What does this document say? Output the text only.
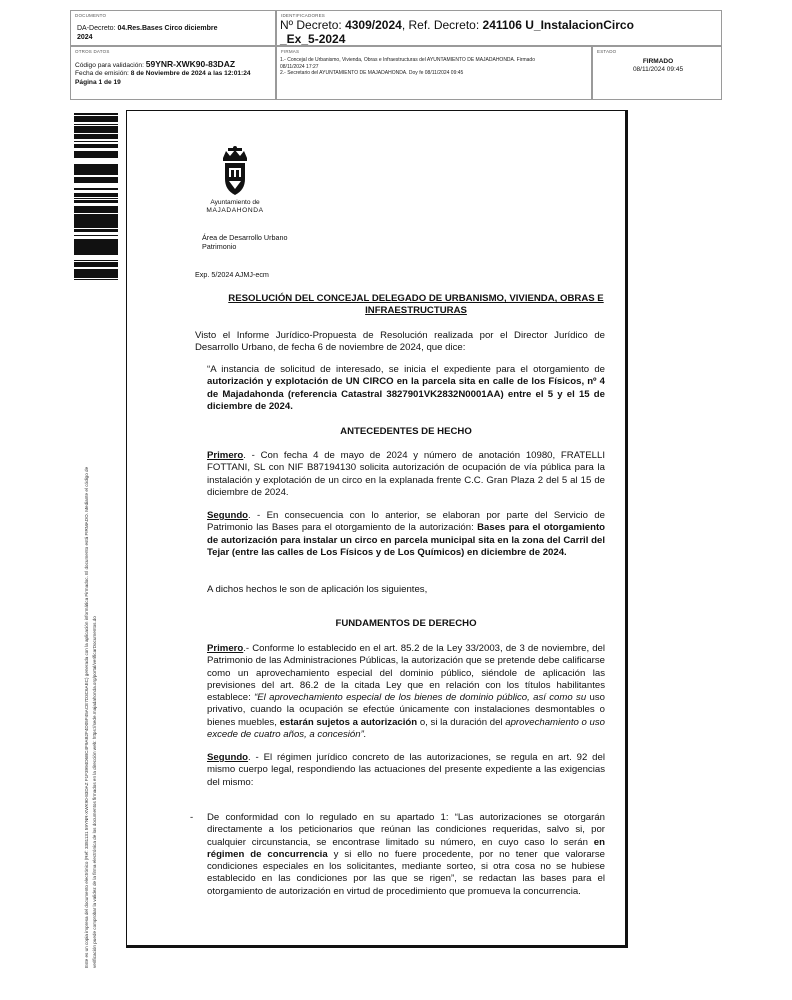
DOCUMENTO
DA-Decreto: 04.Res.Bases Circo diciembre
2024
IDENTIFICADORES
Nº Decreto: 4309/2024, Ref. Decreto: 241106 U_InstalacionCirco
_Ex_5-2024
OTROS DATOS
Código para validación: 59YNR-XWK90-83DAZ
Fecha de emisión: 8 de Noviembre de 2024 a las 12:01:24
Página 1 de 19
FIRMAS
1.- Concejal de Urbanismo, Vivienda, Obras e Infraestructuras del AYUNTAMIENTO DE MAJADAHONDA. Firmado
08/11/2024 17:27
2.- Secretario del AYUNTAMIENTO DE MAJADAHONDA. Doy fe 08/11/2024 09:45
ESTADO
FIRMADO
08/11/2024 09:45
Este es un copia impresa del documento electrónico (Ref: 3381131 59YNR-XWK90-83DAZ F1F3994D6BC4F9AB2F4D05F45ACE7D3C6AEC) generada con la aplicación informática Firmadoc. El documento está FIRMADO. Mediante el código de verificación puede comprobar la validez de la firma electrónica de los documentos firmados en la dirección web: https://sede.majadahonda.org/portal/verificarDocumentos.do
Ayuntamiento de
MAJADAHONDA
Área de Desarrollo Urbano
Patrimonio
Exp. 5/2024 AJMJ-ecm
RESOLUCIÓN DEL CONCEJAL DELEGADO DE URBANISMO, VIVIENDA, OBRAS E
INFRAESTRUCTURAS
Visto el Informe Jurídico-Propuesta de Resolución realizada por el Director Jurídico de Desarrollo Urbano, de fecha 6 de noviembre de 2024, que dice:
“A instancia de solicitud de interesado, se inicia el expediente para el otorgamiento de autorización y explotación de UN CIRCO en la parcela sita en calle de los Físicos, nº 4 de Majadahonda (referencia Catastral 3827901VK2832N0001AA) entre el 5 y el 15 de diciembre de 2024.
ANTECEDENTES DE HECHO
Primero. - Con fecha 4 de mayo de 2024 y número de anotación 10980, FRATELLI FOTTANI, SL con NIF B87194130 solicita autorización de ocupación de vía pública para la instalación y explotación de un circo en la explanada frente C.C. Gran Plaza 2 del 5 al 15 de diciembre de 2024.
Segundo. - En consecuencia con lo anterior, se elaboran por parte del Servicio de Patrimonio las Bases para el otorgamiento de la autorización: Bases para el otorgamiento de autorización para instalar un circo en parcela municipal sita en la zona del Carril del Tejar (entre las calles de Los Físicos y de Los Químicos) en diciembre de 2024.
A dichos hechos le son de aplicación los siguientes,
FUNDAMENTOS DE DERECHO
Primero.- Conforme lo establecido en el art. 85.2 de la Ley 33/2003, de 3 de noviembre, del Patrimonio de las Administraciones Públicas, la autorización que se pretende debe calificarse como un aprovechamiento especial del dominio público, siéndole de aplicación las previsiones del art. 86.2 de la citada Ley que en relación con los títulos habilitantes establece: “El aprovechamiento especial de los bienes de dominio público, así como su uso privativo, cuando la ocupación se efectúe únicamente con instalaciones desmontables o bienes muebles, estarán sujetos a autorización o, si la duración del aprovechamiento o uso excede de cuatro años, a concesión”.
Segundo. - El régimen jurídico concreto de las autorizaciones, se regula en art. 92 del mismo cuerpo legal, respondiendo las actuaciones del presente expediente a las exigencias del mismo:
- De conformidad con lo regulado en su apartado 1: “Las autorizaciones se otorgarán directamente a los peticionarios que reúnan las condiciones requeridas, salvo si, por cualquier circunstancia, se encontrase limitado su número, en cuyo caso lo serán en régimen de concurrencia y si ello no fuere procedente, por no tener que valorarse condiciones especiales en los solicitantes, mediante sorteo, si otra cosa no se hubiese establecido en las condiciones por las que se rigen”, se redactan las bases para el otorgamiento de autorización en virtud de procedimiento que promueva la concurrencia.
